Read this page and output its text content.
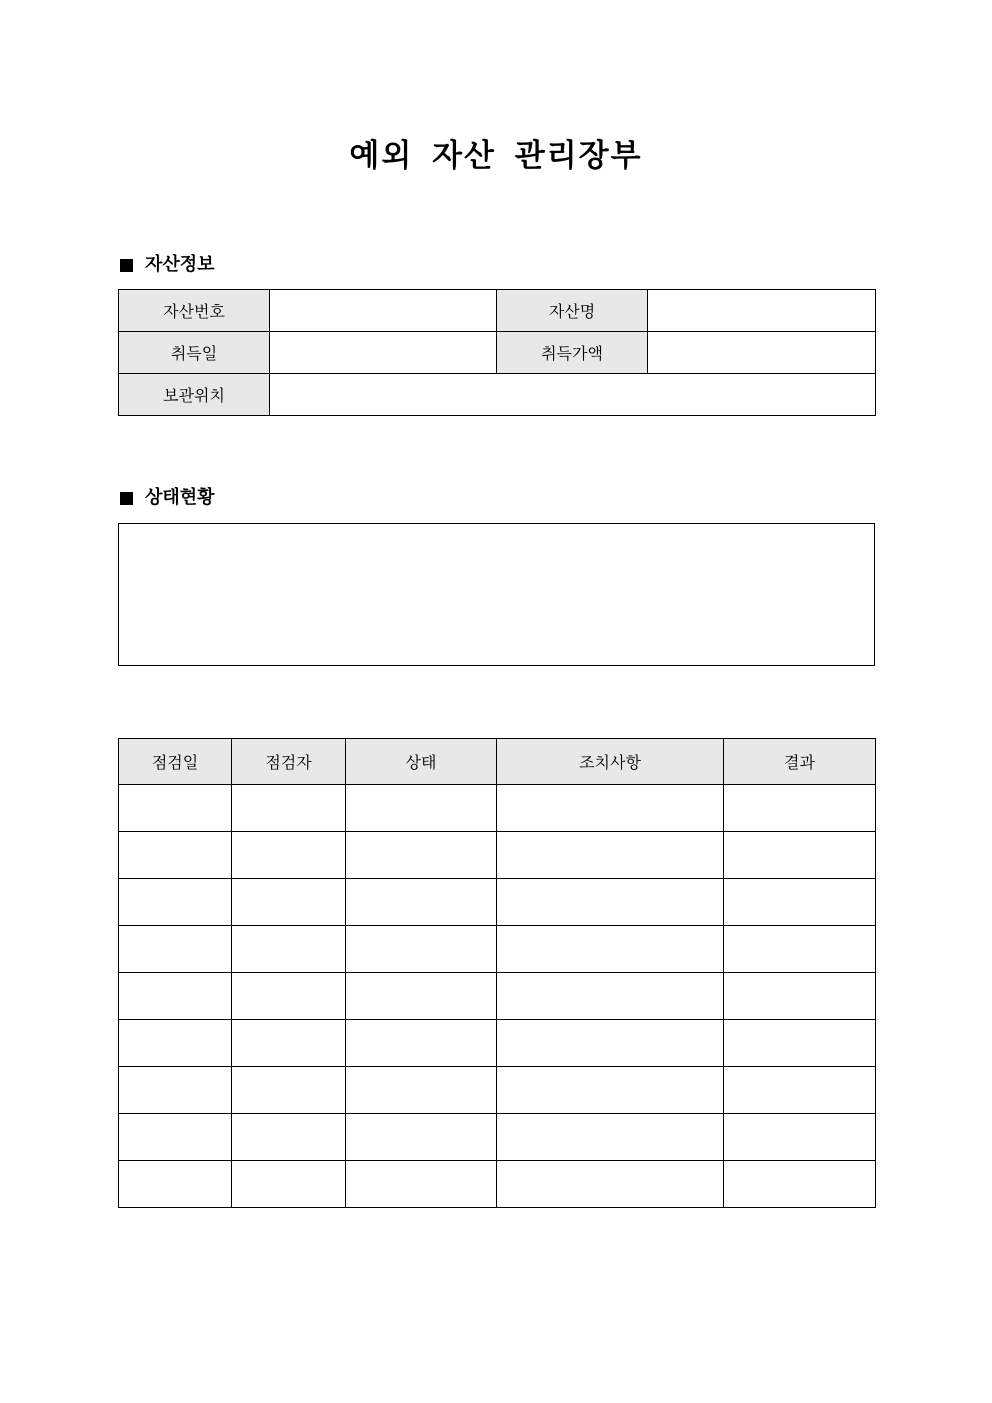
예외 자산 관리장부
자산정보
자산번호		자산명	
취득일		취득가액	
보관위치			
상태현황
점검일	점검자	상태	조치사항	결과
